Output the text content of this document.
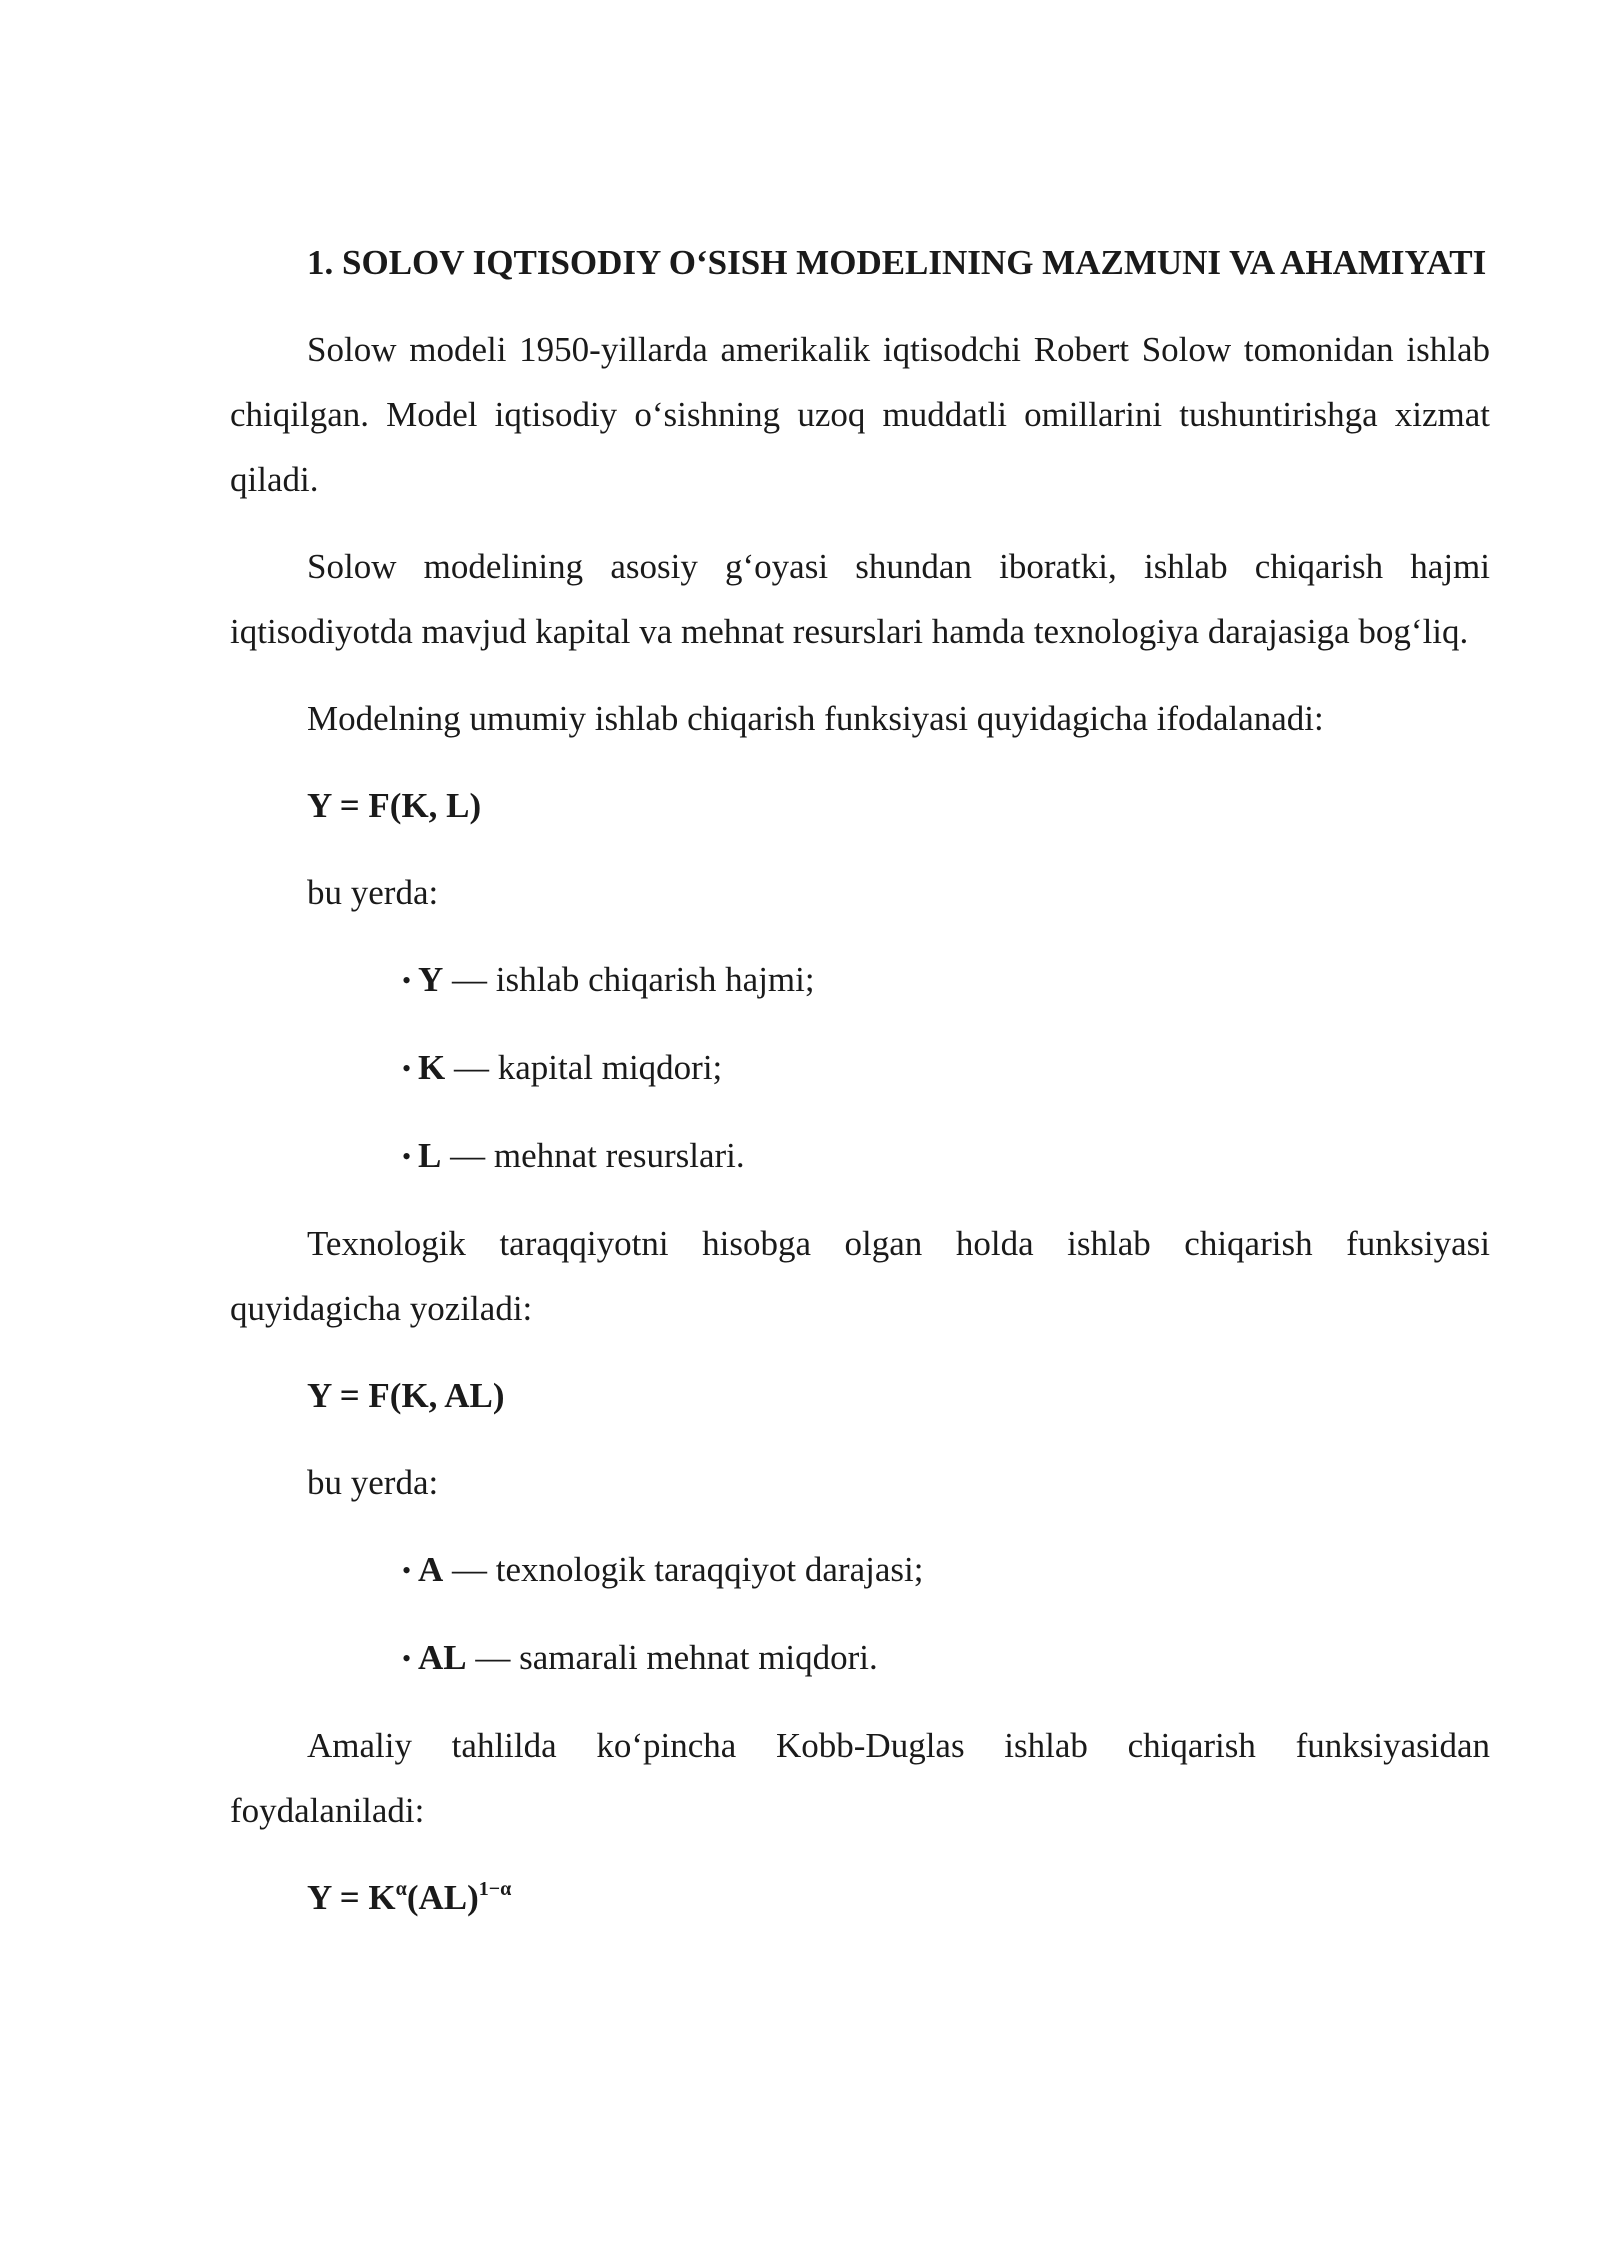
1. SOLOV IQTISODIY O‘SISH MODELINING MAZMUNI VA AHAMIYATI

Solow modeli 1950-yillarda amerikalik iqtisodchi Robert Solow tomonidan ishlab chiqilgan. Model iqtisodiy o‘sishning uzoq muddatli omillarini tushuntirishga xizmat qiladi.

Solow modelining asosiy g‘oyasi shundan iboratki, ishlab chiqarish hajmi iqtisodiyotda mavjud kapital va mehnat resurslari hamda texnologiya darajasiga bog‘liq.

Modelning umumiy ishlab chiqarish funksiyasi quyidagicha ifodalanadi:

Y = F(K, L)

bu yerda:

• Y — ishlab chiqarish hajmi;
• K — kapital miqdori;
• L — mehnat resurslari.

Texnologik taraqqiyotni hisobga olgan holda ishlab chiqarish funksiyasi quyidagicha yoziladi:

Y = F(K, AL)

bu yerda:

• A — texnologik taraqqiyot darajasi;
• AL — samarali mehnat miqdori.

Amaliy tahlilda ko‘pincha Kobb-Duglas ishlab chiqarish funksiyasidan foydalaniladi:

$Y = K^\alpha(AL)^{1-\alpha}$
